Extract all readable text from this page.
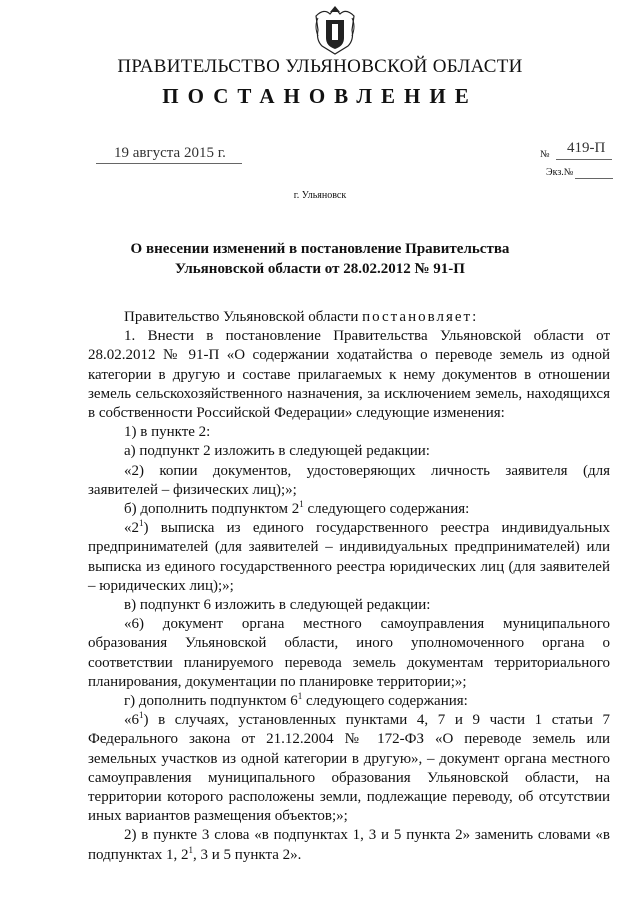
ПРАВИТЕЛЬСТВО УЛЬЯНОВСКОЙ ОБЛАСТИ
ПОСТАНОВЛЕНИЕ
19 августа 2015 г.	№ 419-П
Экз.№
г. Ульяновск
О внесении изменений в постановление Правительства
Ульяновской области от 28.02.2012 № 91-П

Правительство Ульяновской области постановляет:

1. Внести в постановление Правительства Ульяновской области от 28.02.2012 № 91-П «О содержании ходатайства о переводе земель из одной категории в другую и составе прилагаемых к нему документов в отношении земель сельскохозяйственного назначения, за исключением земель, находящихся в собственности Российской Федерации» следующие изменения:

1) в пункте 2:

а) подпункт 2 изложить в следующей редакции:

«2) копии документов, удостоверяющих личность заявителя (для заявителей – физических лиц);»;

б) дополнить подпунктом $2^1$ следующего содержания:

«$2^1$) выписка из единого государственного реестра индивидуальных предпринимателей (для заявителей – индивидуальных предпринимателей) или выписка из единого государственного реестра юридических лиц (для заявителей – юридических лиц);»;

в) подпункт 6 изложить в следующей редакции:

«6) документ органа местного самоуправления муниципального образования Ульяновской области, иного уполномоченного органа о соответствии планируемого перевода земель документам территориального планирования, документации по планировке территории;»;

г) дополнить подпунктом $6^1$ следующего содержания:

«$6^1$) в случаях, установленных пунктами 4, 7 и 9 части 1 статьи 7 Федерального закона от 21.12.2004 № 172-ФЗ «О переводе земель или земельных участков из одной категории в другую», – документ органа местного самоуправления муниципального образования Ульяновской области, на территории которого расположены земли, подлежащие переводу, об отсутствии иных вариантов размещения объектов;»;

2) в пункте 3 слова «в подпунктах 1, 3 и 5 пункта 2» заменить словами «в подпунктах 1, $2^1$, 3 и 5 пункта 2».
